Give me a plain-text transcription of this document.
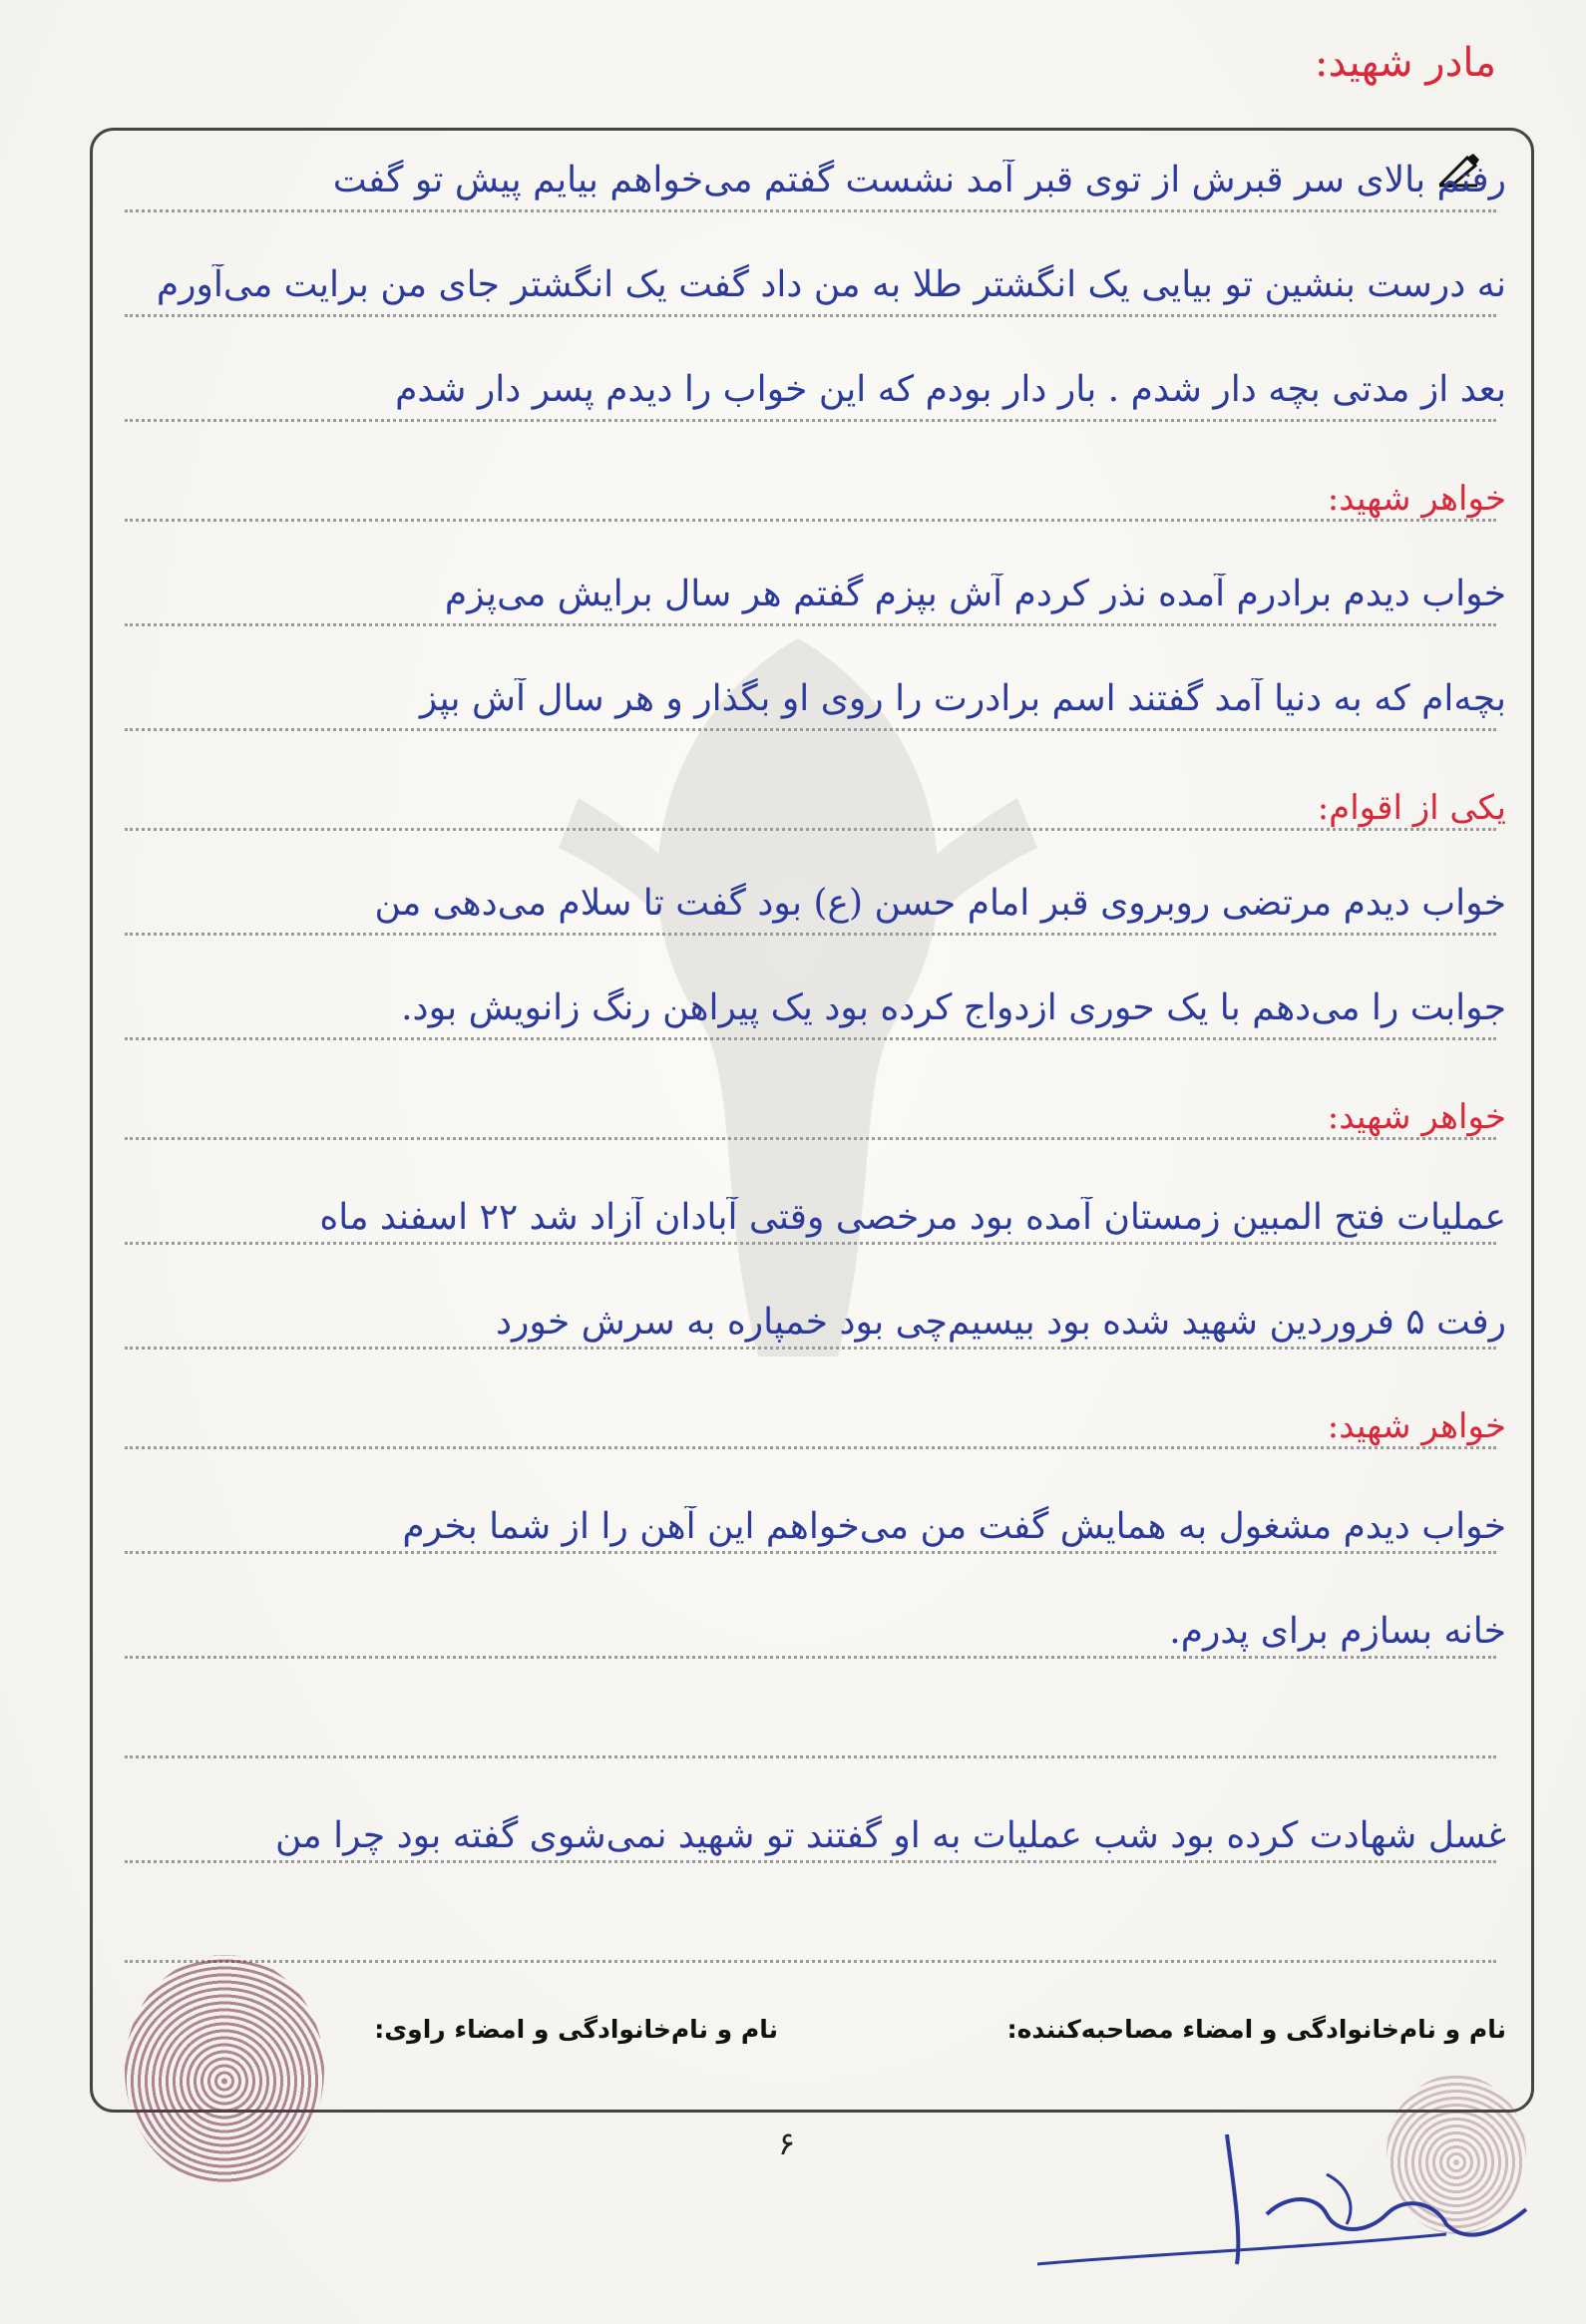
مادر شهید:
رفتم بالای سر قبرش از توی قبر آمد نشست گفتم می‌خواهم بیایم پیش تو گفت
نه درست بنشین تو بیایی یک انگشتر طلا به من داد گفت یک انگشتر جای من برایت می‌آورم
بعد از مدتی بچه دار شدم . بار دار بودم که این خواب را دیدم پسر دار شدم
خواهر شهید:
خواب دیدم برادرم آمده نذر کردم آش بپزم گفتم هر سال برایش می‌پزم
بچه‌ام که به دنیا آمد گفتند اسم برادرت را روی او بگذار و هر سال آش بپز
یکی از اقوام:
خواب دیدم مرتضی روبروی قبر امام حسن (ع) بود گفت تا سلام می‌دهی من
جوابت را می‌دهم با یک حوری ازدواج کرده بود یک پیراهن رنگ زانویش بود.
خواهر شهید:
عملیات فتح المبین زمستان آمده بود مرخصی وقتی آبادان آزاد شد ۲۲ اسفند ماه
رفت ۵ فروردین شهید شده بود بیسیم‌چی بود خمپاره به سرش خورد
خواهر شهید:
خواب دیدم مشغول به همایش گفت من می‌خواهم این آهن را از شما بخرم
خانه بسازم برای پدرم.
غسل شهادت کرده بود شب عملیات به او گفتند تو شهید نمی‌شوی گفته بود چرا من
نام و نام‌خانوادگی و امضاء مصاحبه‌کننده:
نام و نام‌خانوادگی و امضاء راوی:
۶
